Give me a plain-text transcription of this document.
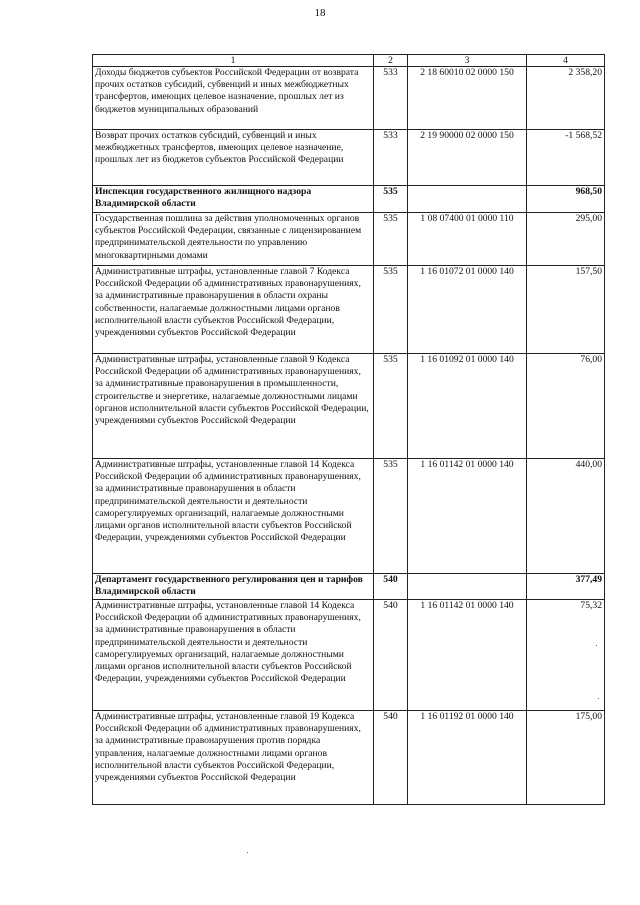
18
1	2	3	4
Доходы бюджетов субъектов Российской Федерации от возврата прочих остатков субсидий, субвенций и иных межбюджетных трансфертов, имеющих целевое назначение, прошлых лет из бюджетов муниципальных образований	533	2 18 60010 02 0000 150	2 358,20
Возврат прочих остатков субсидий, субвенций и иных межбюджетных трансфертов, имеющих целевое назначение, прошлых лет из бюджетов субъектов Российской Федерации	533	2 19 90000 02 0000 150	-1 568,52
Инспекция государственного жилищного надзора Владимирской области	535		968,50
Государственная пошлина за действия уполномоченных органов субъектов Российской Федерации, связанные с лицензированием предпринимательской деятельности по управлению многоквартирными домами	535	1 08 07400 01 0000 110	295,00
Административные штрафы, установленные главой 7 Кодекса Российской Федерации об административных правонарушениях, за административные правонарушения в области охраны собственности, налагаемые должностными лицами органов исполнительной власти субъектов Российской Федерации, учреждениями субъектов Российской Федерации	535	1 16 01072 01 0000 140	157,50
Административные штрафы, установленные главой 9 Кодекса Российской Федерации об административных правонарушениях, за административные правонарушения в промышленности, строительстве и энергетике, налагаемые должностными лицами органов исполнительной власти субъектов Российской Федерации, учреждениями субъектов Российской Федерации	535	1 16 01092 01 0000 140	76,00
Административные штрафы, установленные главой 14 Кодекса Российской Федерации об административных правонарушениях, за административные правонарушения в области предпринимательской деятельности и деятельности саморегулируемых организаций, налагаемые должностными лицами органов исполнительной власти субъектов Российской Федерации, учреждениями субъектов Российской Федерации	535	1 16 01142 01 0000 140	440,00
Департамент государственного регулирования цен и тарифов Владимирской области	540		377,49
Административные штрафы, установленные главой 14 Кодекса Российской Федерации об административных правонарушениях, за административные правонарушения в области предпринимательской деятельности и деятельности саморегулируемых организаций, налагаемые должностными лицами органов исполнительной власти субъектов Российской Федерации, учреждениями субъектов Российской Федерации	540	1 16 01142 01 0000 140	75,32
Административные штрафы, установленные главой 19 Кодекса Российской Федерации об административных правонарушениях, за административные правонарушения против порядка управления, налагаемые должностными лицами органов исполнительной власти субъектов Российской Федерации, учреждениями субъектов Российской Федерации	540	1 16 01192 01 0000 140	175,00
